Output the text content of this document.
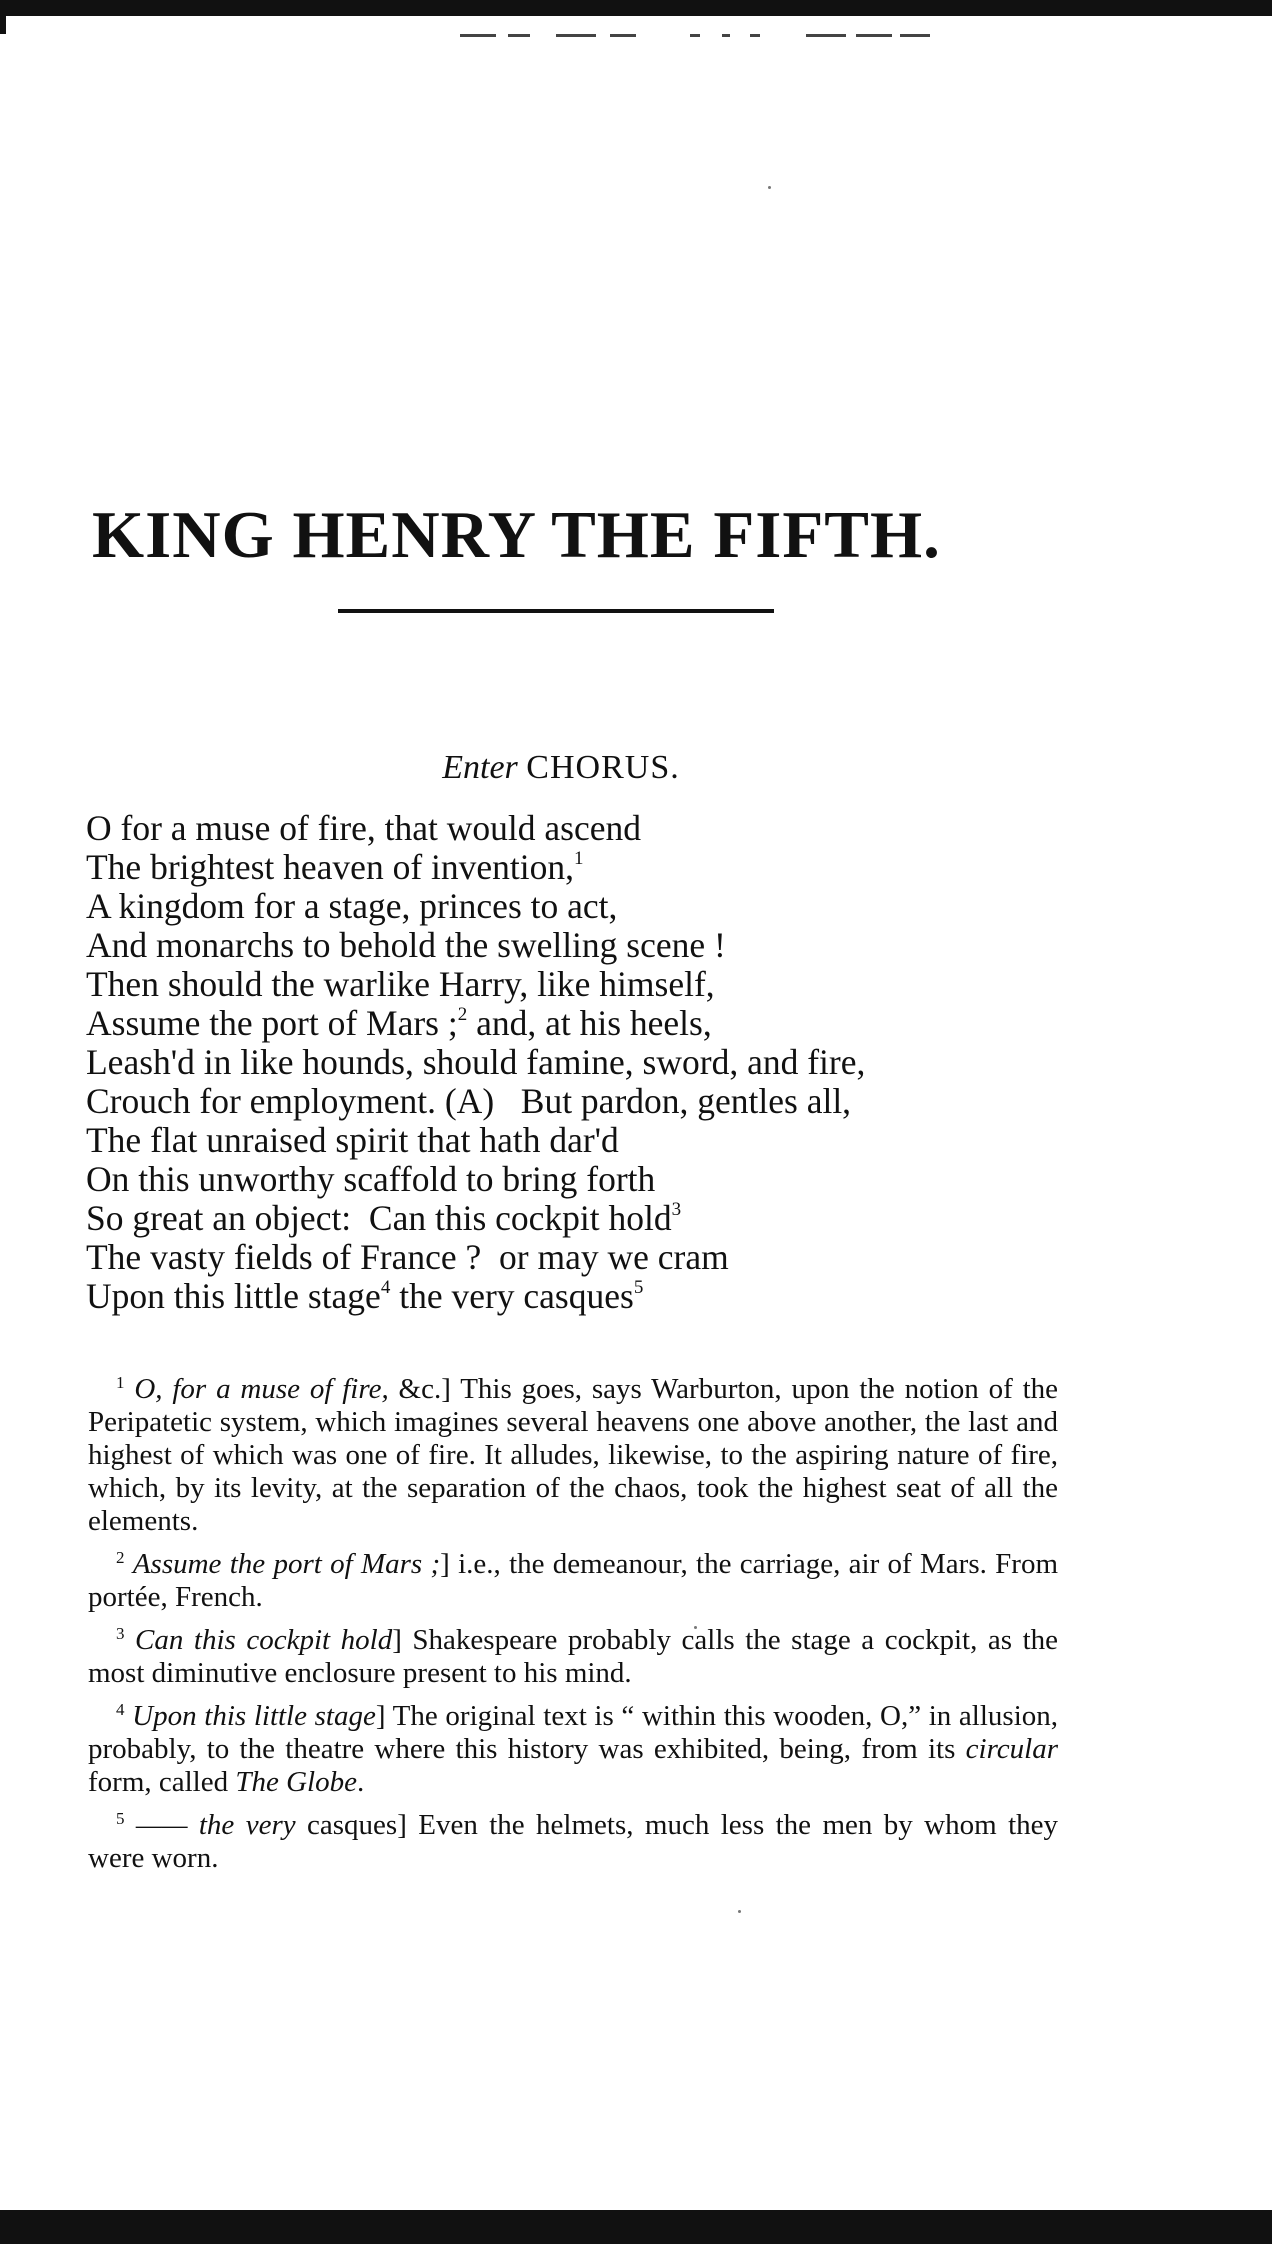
KING HENRY THE FIFTH.
Enter CHORUS.
O for a muse of fire, that would ascend
The brightest heaven of invention,$^1$
A kingdom for a stage, princes to act,
And monarchs to behold the swelling scene !
Then should the warlike Harry, like himself,
Assume the port of Mars ;$^2$ and, at his heels,
Leash'd in like hounds, should famine, sword, and fire,
Crouch for employment. (A)   But pardon, gentles all,
The flat unraised spirit that hath dar'd
On this unworthy scaffold to bring forth
So great an object:  Can this cockpit hold$^3$
The vasty fields of France ?  or may we cram
Upon this little stage$^4$ the very casques$^5$

$^1$ O, for a muse of fire, &c.] This goes, says Warburton, upon the notion of the Peripatetic system, which imagines several heavens one above another, the last and highest of which was one of fire. It alludes, likewise, to the aspiring nature of fire, which, by its levity, at the separation of the chaos, took the highest seat of all the elements.

$^2$ Assume the port of Mars ;] i.e., the demeanour, the carriage, air of Mars. From portée, French.

$^3$ Can this cockpit hold] Shakespeare probably calls the stage a cockpit, as the most diminutive enclosure present to his mind.

$^4$ Upon this little stage] The original text is “ within this wooden, O,” in allusion, probably, to the theatre where this history was exhibited, being, from its circular form, called The Globe.

$^5$ —— the very casques] Even the helmets, much less the men by whom they were worn.
